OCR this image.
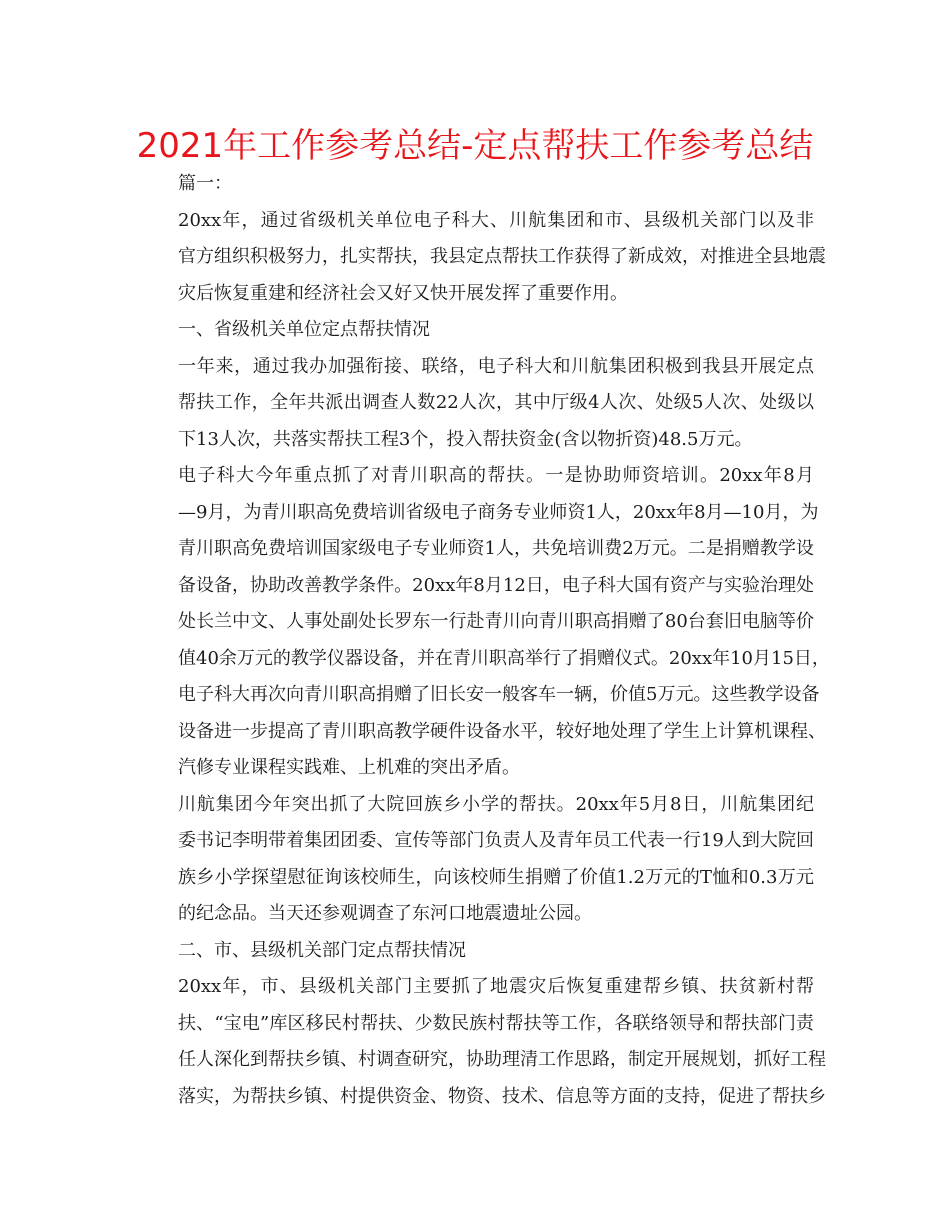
2021年工作参考总结-定点帮扶工作参考总结
篇一：
20xx年，通过省级机关单位电子科大、川航集团和市、县级机关部门以及非
官方组织积极努力，扎实帮扶，我县定点帮扶工作获得了新成效，对推进全县地震
灾后恢复重建和经济社会又好又快开展发挥了重要作用。
一、省级机关单位定点帮扶情况
一年来，通过我办加强衔接、联络，电子科大和川航集团积极到我县开展定点
帮扶工作，全年共派出调查人数22人次，其中厅级4人次、处级5人次、处级以
下13人次，共落实帮扶工程3个，投入帮扶资金(含以物折资)48.5万元。
电子科大今年重点抓了对青川职高的帮扶。一是协助师资培训。20xx年8月
—9月，为青川职高免费培训省级电子商务专业师资1人，20xx年8月—10月，为
青川职高免费培训国家级电子专业师资1人，共免培训费2万元。二是捐赠教学设
备设备，协助改善教学条件。20xx年8月12日，电子科大国有资产与实验治理处
处长兰中文、人事处副处长罗东一行赴青川向青川职高捐赠了80台套旧电脑等价
值40余万元的教学仪器设备，并在青川职高举行了捐赠仪式。20xx年10月15日，
电子科大再次向青川职高捐赠了旧长安一般客车一辆，价值5万元。这些教学设备
设备进一步提高了青川职高教学硬件设备水平，较好地处理了学生上计算机课程、
汽修专业课程实践难、上机难的突出矛盾。
川航集团今年突出抓了大院回族乡小学的帮扶。20xx年5月8日，川航集团纪
委书记李明带着集团团委、宣传等部门负责人及青年员工代表一行19人到大院回
族乡小学探望慰征询该校师生，向该校师生捐赠了价值1.2万元的T恤和0.3万元
的纪念品。当天还参观调查了东河口地震遗址公园。
二、市、县级机关部门定点帮扶情况
20xx年，市、县级机关部门主要抓了地震灾后恢复重建帮乡镇、扶贫新村帮
扶、“宝电”库区移民村帮扶、少数民族村帮扶等工作，各联络领导和帮扶部门责
任人深化到帮扶乡镇、村调查研究，协助理清工作思路，制定开展规划，抓好工程
落实，为帮扶乡镇、村提供资金、物资、技术、信息等方面的支持，促进了帮扶乡
